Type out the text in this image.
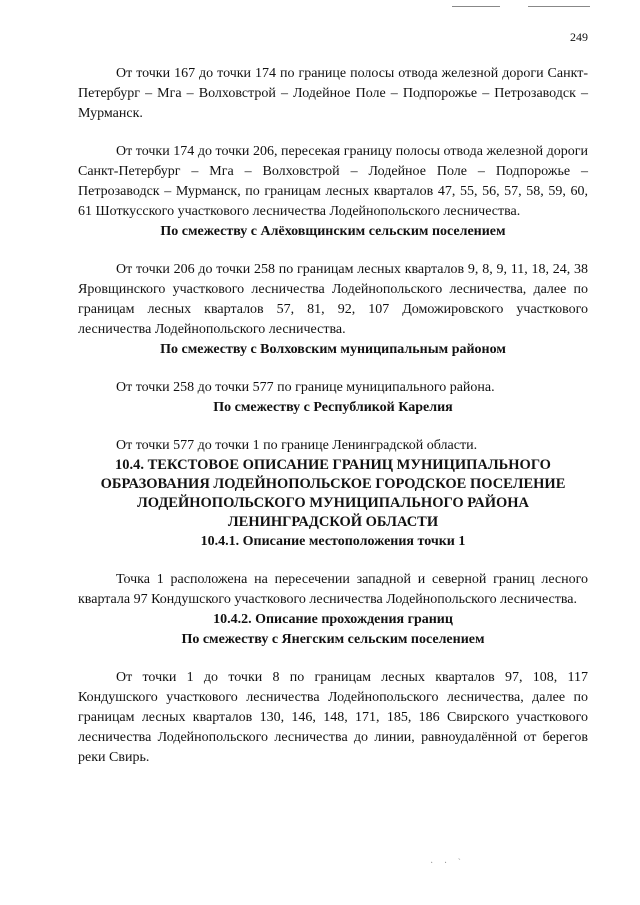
249

От точки 167 до точки 174 по границе полосы отвода железной дороги Санкт-Петербург – Мга – Волховстрой – Лодейное Поле – Подпорожье – Петрозаводск – Мурманск.

От точки 174 до точки 206, пересекая границу полосы отвода железной дороги Санкт-Петербург – Мга – Волховстрой – Лодейное Поле – Подпорожье – Петрозаводск – Мурманск, по границам лесных кварталов 47, 55, 56, 57, 58, 59, 60, 61 Шоткусского участкового лесничества Лодейнопольского лесничества.

По смежеству с Алёховщинским сельским поселением

От точки 206 до точки 258 по границам лесных кварталов 9, 8, 9, 11, 18, 24, 38 Яровщинского участкового лесничества Лодейнопольского лесничества, далее по границам лесных кварталов 57, 81, 92, 107 Доможировского участкового лесничества Лодейнопольского лесничества.

По смежеству с Волховским муниципальным районом

От точки 258 до точки 577 по границе муниципального района.

По смежеству с Республикой Карелия

От точки 577 до точки 1 по границе Ленинградской области.

10.4. ТЕКСТОВОЕ ОПИСАНИЕ ГРАНИЦ МУНИЦИПАЛЬНОГО ОБРАЗОВАНИЯ ЛОДЕЙНОПОЛЬСКОЕ ГОРОДСКОЕ ПОСЕЛЕНИЕ ЛОДЕЙНОПОЛЬСКОГО МУНИЦИПАЛЬНОГО РАЙОНА ЛЕНИНГРАДСКОЙ ОБЛАСТИ
10.4.1. Описание местоположения точки 1

Точка 1 расположена на пересечении западной и северной границ лесного квартала 97 Кондушского участкового лесничества Лодейнопольского лесничества.

10.4.2. Описание прохождения границ
По смежеству с Янегским сельским поселением

От точки 1 до точки 8 по границам лесных кварталов 97, 108, 117 Кондушского участкового лесничества Лодейнопольского лесничества, далее по границам лесных кварталов 130, 146, 148, 171, 185, 186 Свирского участкового лесничества Лодейнопольского лесничества до линии, равноудалённой от берегов реки Свирь.

· · `
